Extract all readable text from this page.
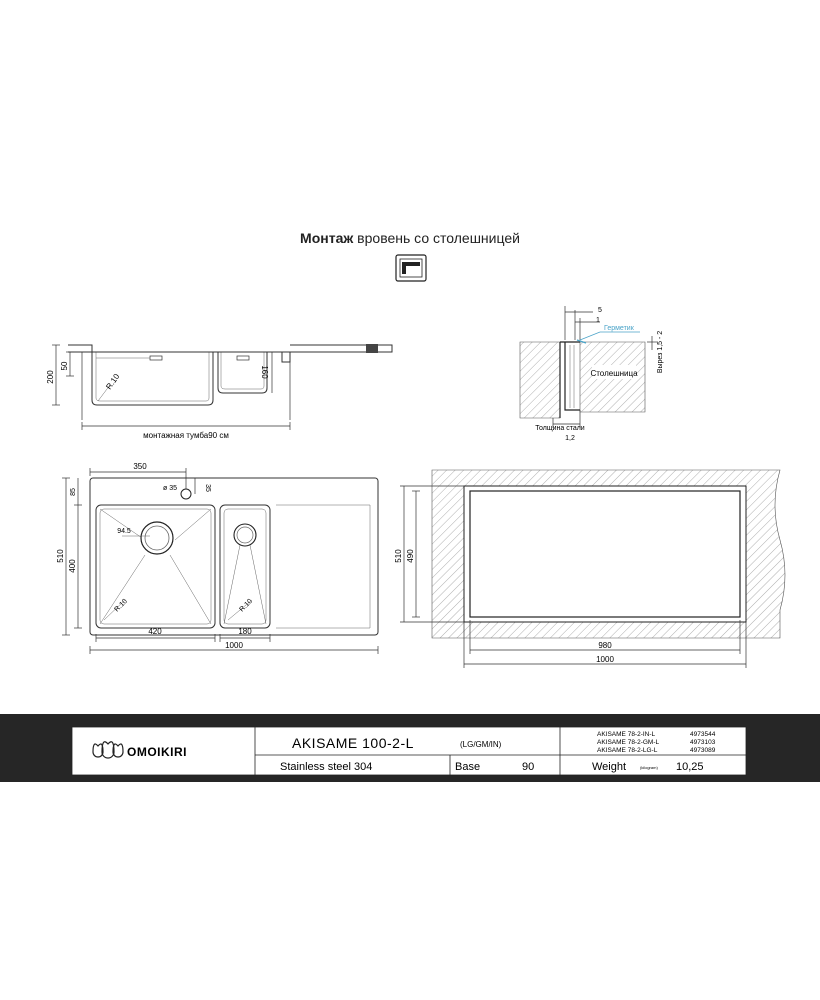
Монтаж вровень со столешницей
200
50
R.10
160
монтажная тумба90 см
Столешница
5
1
Герметик
Вырез 1,5 - 2
Толщина стали
1,2
350
ø 35	35
510
85
400
94.5
R.10	R.10
420	180
1000
510 490
980
1000
OMOIKIRI
AKISAME 100-2-L	(LG/GM/IN)
Stainless steel 304	Base	90	Weight	(kilogram) 10,25
AKISAME 78-2-IN-L	4973544
AKISAME 78-2-GM-L	4973103
AKISAME 78-2-LG-L	4973089
